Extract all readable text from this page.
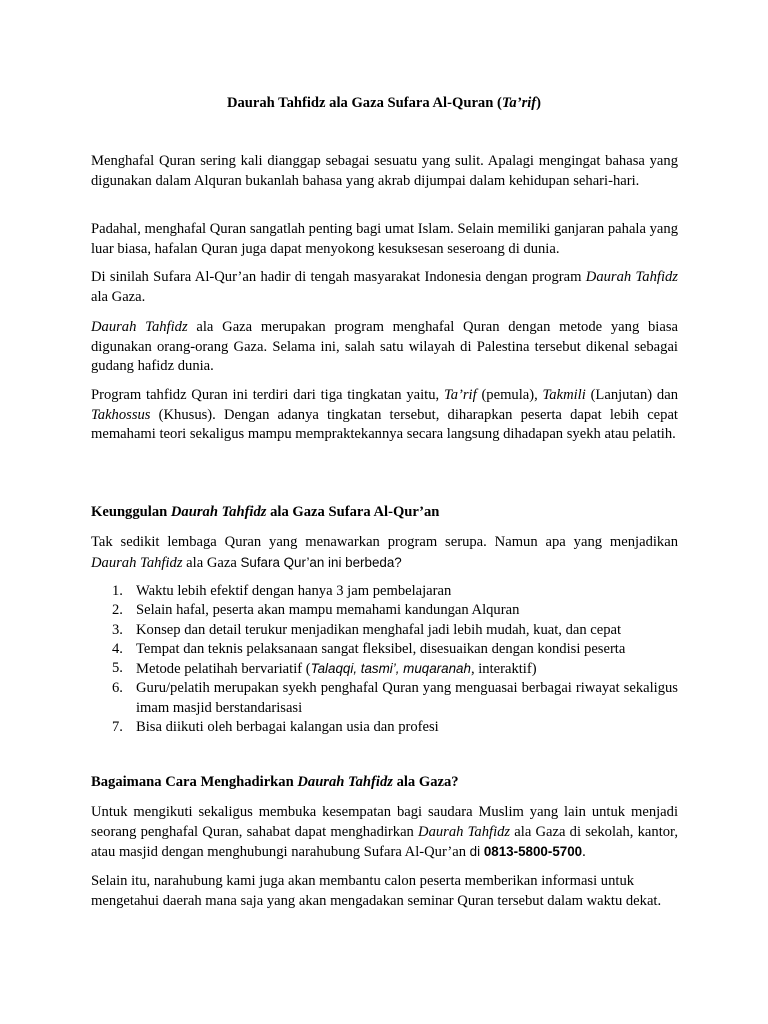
Daurah Tahfidz ala Gaza Sufara Al-Quran (Ta’rif)

Menghafal Quran sering kali dianggap sebagai sesuatu yang sulit. Apalagi mengingat bahasa yang digunakan dalam Alquran bukanlah bahasa yang akrab dijumpai dalam kehidupan sehari-hari.

Padahal, menghafal Quran sangatlah penting bagi umat Islam. Selain memiliki ganjaran pahala yang luar biasa, hafalan Quran juga dapat menyokong kesuksesan seseroang di dunia.

Di sinilah Sufara Al-Qur’an hadir di tengah masyarakat Indonesia dengan program Daurah Tahfidz ala Gaza.

Daurah Tahfidz ala Gaza merupakan program menghafal Quran dengan metode yang biasa digunakan orang-orang Gaza. Selama ini, salah satu wilayah di Palestina tersebut dikenal sebagai gudang hafidz dunia.

Program tahfidz Quran ini terdiri dari tiga tingkatan yaitu, Ta’rif (pemula), Takmili (Lanjutan) dan Takhossus (Khusus). Dengan adanya tingkatan tersebut, diharapkan peserta dapat lebih cepat memahami teori sekaligus mampu mempraktekannya secara langsung dihadapan syekh atau pelatih.

Keunggulan Daurah Tahfidz ala Gaza Sufara Al-Qur’an

Tak sedikit lembaga Quran yang menawarkan program serupa. Namun apa yang menjadikan Daurah Tahfidz ala Gaza Sufara Qur’an ini berbeda?

1. Waktu lebih efektif dengan hanya 3 jam pembelajaran
2. Selain hafal, peserta akan mampu memahami kandungan Alquran
3. Konsep dan detail terukur menjadikan menghafal jadi lebih mudah, kuat, dan cepat
4. Tempat dan teknis pelaksanaan sangat fleksibel, disesuaikan dengan kondisi peserta
5. Metode pelatihah bervariatif (Talaqqi, tasmi’, muqaranah, interaktif)
6. Guru/pelatih merupakan syekh penghafal Quran yang menguasai berbagai riwayat sekaligus imam masjid berstandarisasi
7. Bisa diikuti oleh berbagai kalangan usia dan profesi
Bagaimana Cara Menghadirkan Daurah Tahfidz ala Gaza?

Untuk mengikuti sekaligus membuka kesempatan bagi saudara Muslim yang lain untuk menjadi seorang penghafal Quran, sahabat dapat menghadirkan Daurah Tahfidz ala Gaza di sekolah, kantor, atau masjid dengan menghubungi narahubung Sufara Al-Qur’an di 0813-5800-5700.

Selain itu, narahubung kami juga akan membantu calon peserta memberikan informasi untuk mengetahui daerah mana saja yang akan mengadakan seminar Quran tersebut dalam waktu dekat.
